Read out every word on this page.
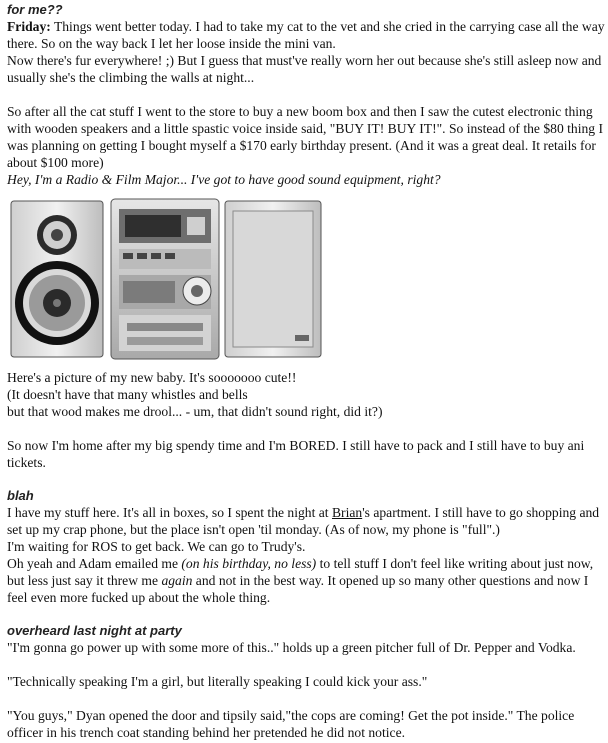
for me??

Friday: Things went better today. I had to take my cat to the vet and she cried in the carrying case all the way there. So on the way back I let her loose inside the mini van.

Now there's fur everywhere! ;) But I guess that must've really worn her out because she's still asleep now and usually she's the climbing the walls at night...

So after all the cat stuff I went to the store to buy a new boom box and then I saw the cutest electronic thing with wooden speakers and a little spastic voice inside said, "BUY IT! BUY IT!". So instead of the $80 thing I was planning on getting I bought myself a $170 early birthday present. (And it was a great deal. It retails for about $100 more)

Hey, I'm a Radio & Film Major... I've got to have good sound equipment, right?

Here's a picture of my new baby. It's sooooooo cute!!

(It doesn't have that many whistles and bells

but that wood makes me drool... - um, that didn't sound right, did it?)

So now I'm home after my big spendy time and I'm BORED. I still have to pack and I still have to buy ani tickets.

blah

I have my stuff here. It's all in boxes, so I spent the night at Brian's apartment. I still have to go shopping and set up my crap phone, but the place isn't open 'til monday. (As of now, my phone is "full".)

I'm waiting for ROS to get back. We can go to Trudy's.

Oh yeah and Adam emailed me (on his birthday, no less) to tell stuff I don't feel like writing about just now, but less just say it threw me again and not in the best way. It opened up so many other questions and now I feel even more fucked up about the whole thing.

overheard last night at party

"I'm gonna go power up with some more of this.." holds up a green pitcher full of Dr. Pepper and Vodka.

"Technically speaking I'm a girl, but literally speaking I could kick your ass."

"You guys," Dyan opened the door and tipsily said,"the cops are coming! Get the pot inside." The police officer in his trench coat standing behind her pretended he did not notice.
